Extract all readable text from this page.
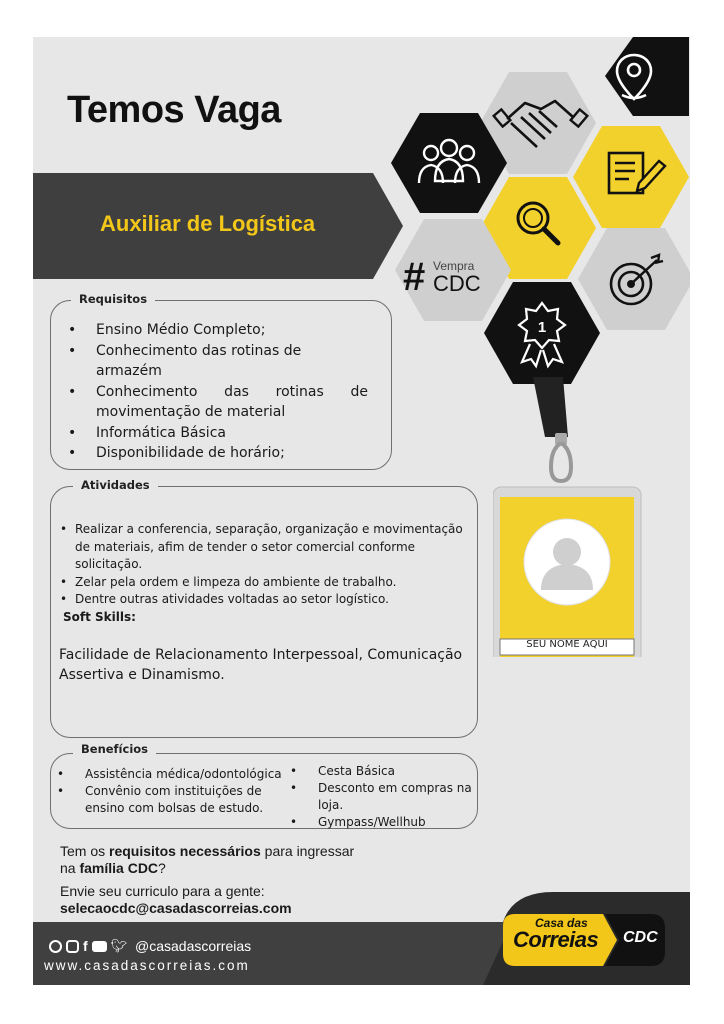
Temos Vaga
Auxiliar de Logística
1
# Vempra
CDC
SEU NOME AQUI
Requisitos
• Ensino Médio Completo;
• Conhecimento das rotinas de armazém
• Conhecimento das rotinas de movimentação de material
• Informática Básica
• Disponibilidade de horário;
Atividades
• Realizar a conferencia, separação, organização e movimentação de materiais, afim de tender o setor comercial conforme solicitação.
• Zelar pela ordem e limpeza do ambiente de trabalho.
• Dentre outras atividades voltadas ao setor logístico.
Soft Skills:
Facilidade de Relacionamento Interpessoal, Comunicação Assertiva e Dinamismo.
Benefícios
• Assistência médica/odontológica
• Convênio com instituições de ensino com bolsas de estudo.
• Cesta Básica
• Desconto em compras na loja.
• Gympass/Wellhub
Tem os requisitos necessários para ingressar na família CDC?
Envie seu curriculo para a gente:
selecaocdc@casadascorreias.com
f 🐦︎ @casadascorreias
www.casadascorreias.com
Casa das
Correias CDC
